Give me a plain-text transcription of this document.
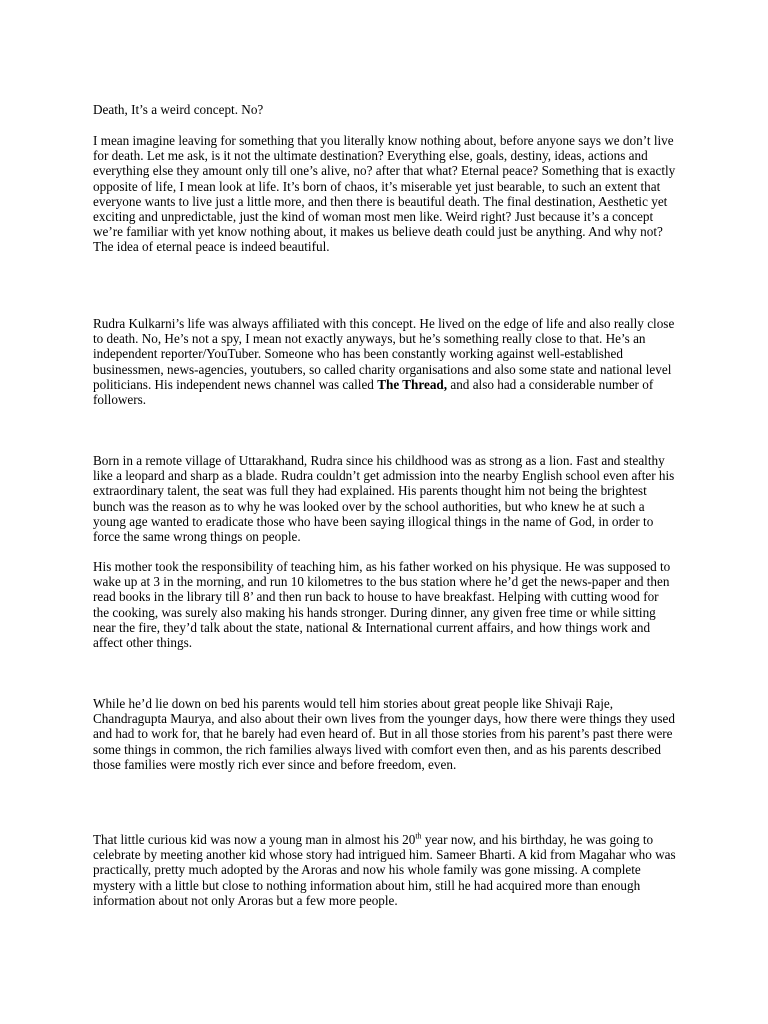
Death, It’s a weird concept. No?

I mean imagine leaving for something that you literally know nothing about, before anyone says we don’t live for death. Let me ask, is it not the ultimate destination? Everything else, goals, destiny, ideas, actions and everything else they amount only till one’s alive, no? after that what? Eternal peace? Something that is exactly opposite of life, I mean look at life. It’s born of chaos, it’s miserable yet just bearable, to such an extent that everyone wants to live just a little more, and then there is beautiful death. The final destination, Aesthetic yet exciting and unpredictable, just the kind of woman most men like. Weird right? Just because it’s a concept we’re familiar with yet know nothing about, it makes us believe death could just be anything. And why not? The idea of eternal peace is indeed beautiful.

Rudra Kulkarni’s life was always affiliated with this concept. He lived on the edge of life and also really close to death. No, He’s not a spy, I mean not exactly anyways, but he’s something really close to that. He’s an independent reporter/YouTuber. Someone who has been constantly working against well-established businessmen, news-agencies, youtubers, so called charity organisations and also some state and national level politicians. His independent news channel was called The Thread, and also had a considerable number of followers.

Born in a remote village of Uttarakhand, Rudra since his childhood was as strong as a lion. Fast and stealthy like a leopard and sharp as a blade. Rudra couldn’t get admission into the nearby English school even after his extraordinary talent, the seat was full they had explained. His parents thought him not being the brightest bunch was the reason as to why he was looked over by the school authorities, but who knew he at such a young age wanted to eradicate those who have been saying illogical things in the name of God, in order to force the same wrong things on people.

His mother took the responsibility of teaching him, as his father worked on his physique. He was supposed to wake up at 3 in the morning, and run 10 kilometres to the bus station where he’d get the news-paper and then read books in the library till 8’ and then run back to house to have breakfast. Helping with cutting wood for the cooking, was surely also making his hands stronger. During dinner, any given free time or while sitting near the fire, they’d talk about the state, national & International current affairs, and how things work and affect other things.

While he’d lie down on bed his parents would tell him stories about great people like Shivaji Raje, Chandragupta Maurya, and also about their own lives from the younger days, how there were things they used and had to work for, that he barely had even heard of. But in all those stories from his parent’s past there were some things in common, the rich families always lived with comfort even then, and as his parents described those families were mostly rich ever since and before freedom, even.

That little curious kid was now a young man in almost his 20th year now, and his birthday, he was going to celebrate by meeting another kid whose story had intrigued him. Sameer Bharti. A kid from Magahar who was practically, pretty much adopted by the Aroras and now his whole family was gone missing. A complete mystery with a little but close to nothing information about him, still he had acquired more than enough information about not only Aroras but a few more people.
